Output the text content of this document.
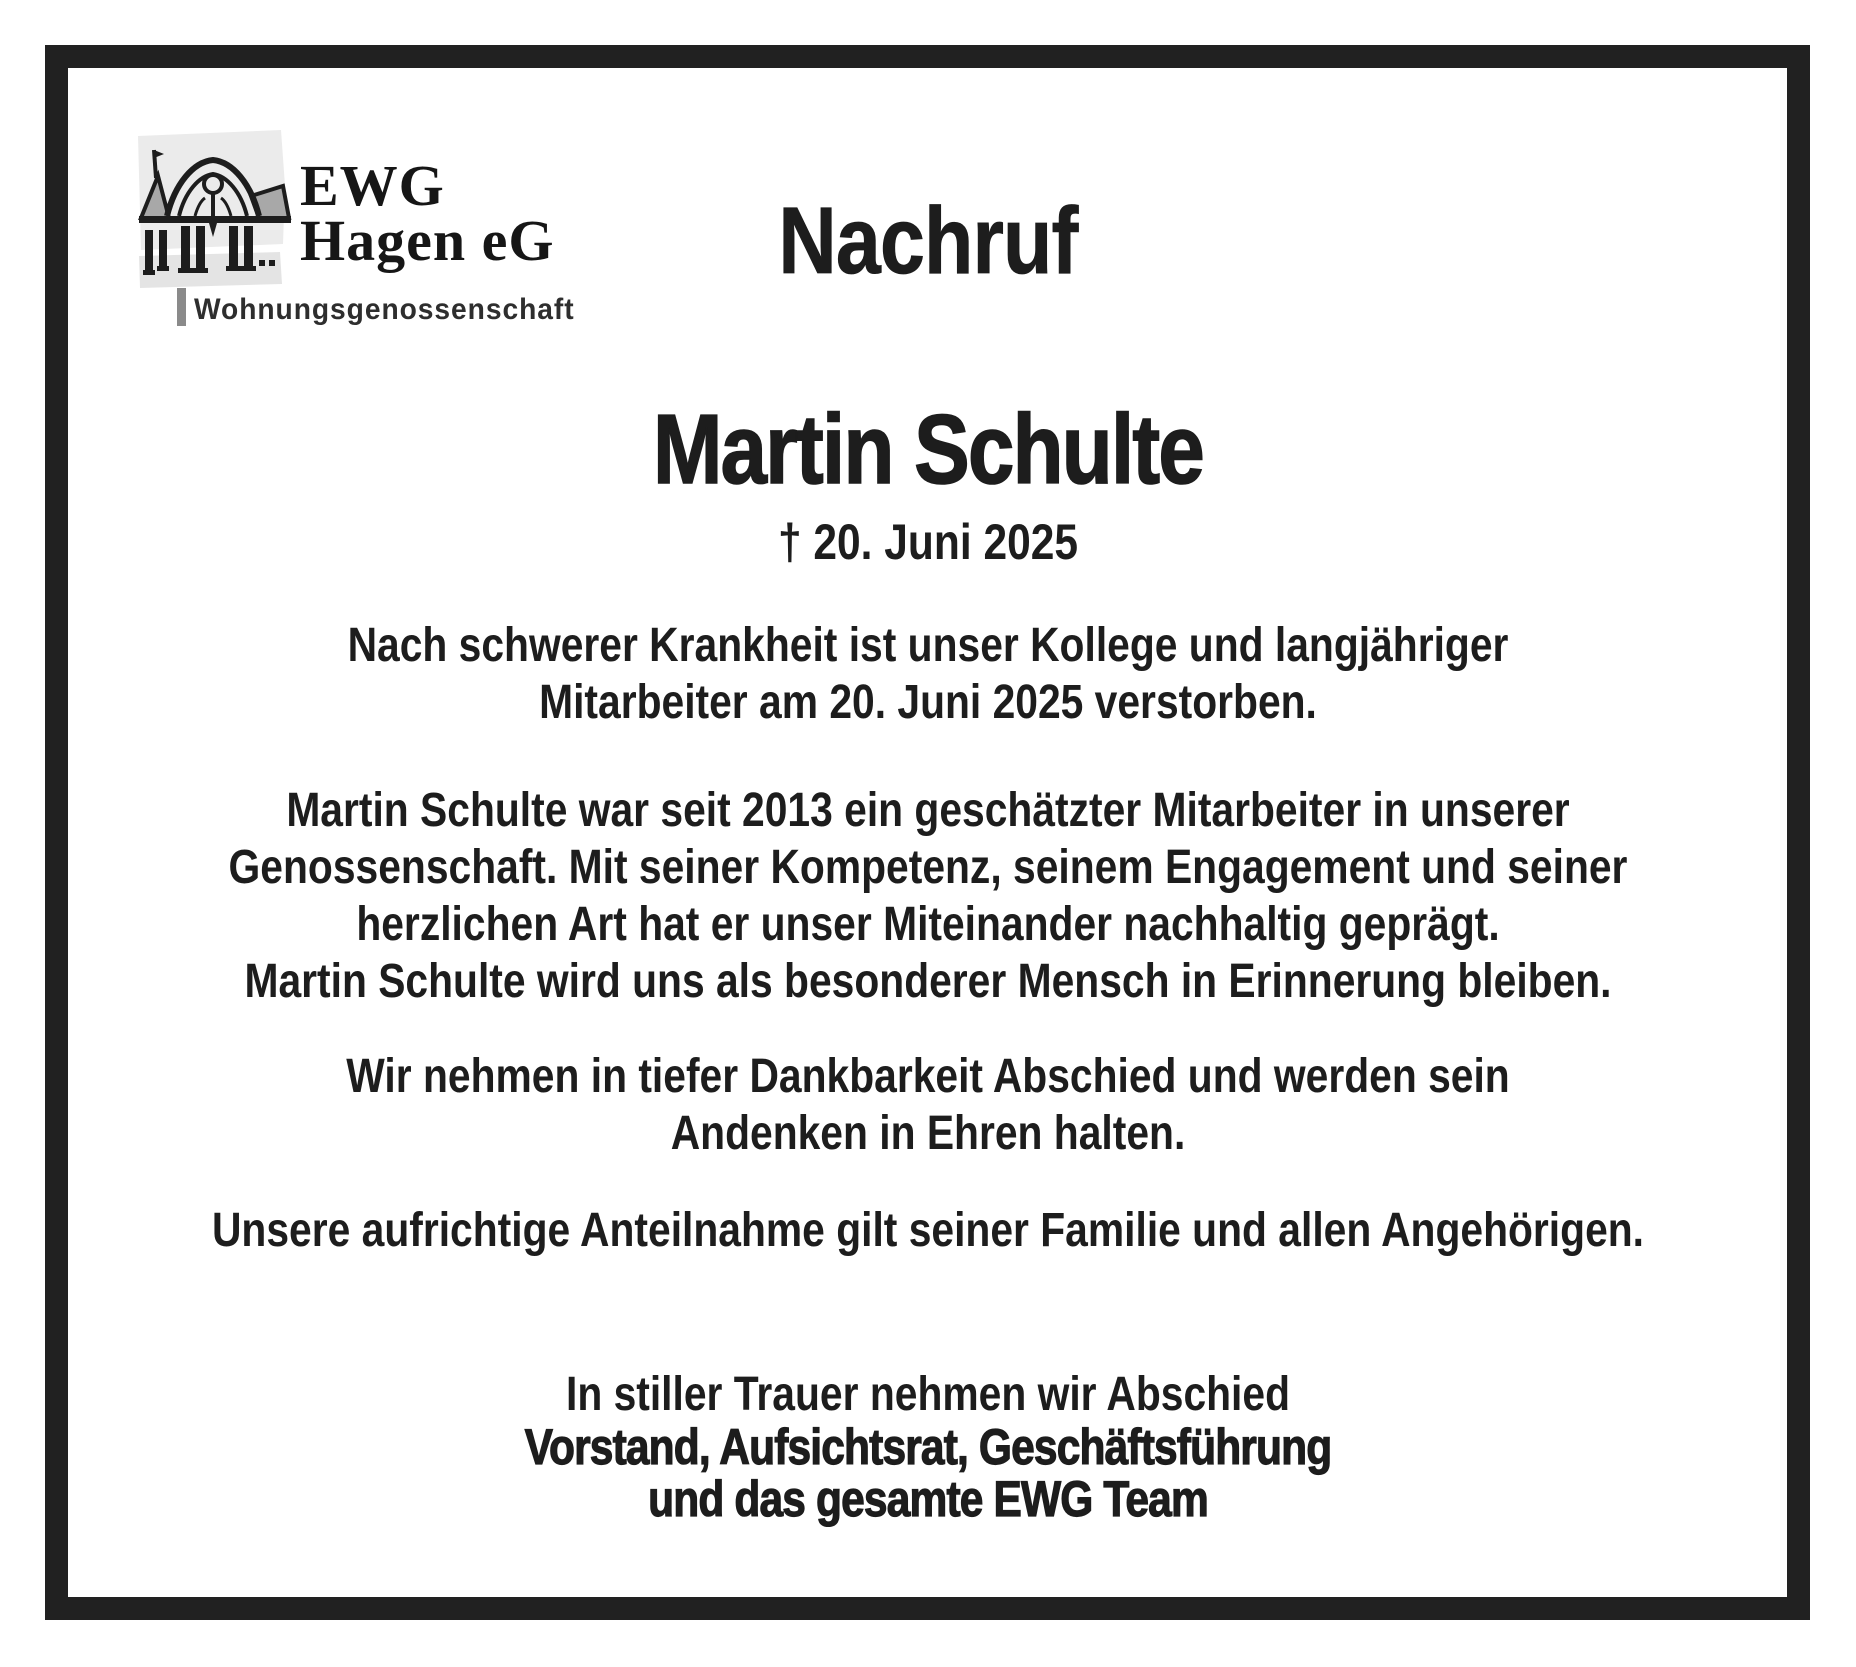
EWG
Hagen eG
Wohnungsgenossenschaft
Nachruf
Martin Schulte
† 20. Juni 2025
Nach schwerer Krankheit ist unser Kollege und langjähriger
Mitarbeiter am 20. Juni 2025 verstorben.
Martin Schulte war seit 2013 ein geschätzter Mitarbeiter in unserer
Genossenschaft. Mit seiner Kompetenz, seinem Engagement und seiner
herzlichen Art hat er unser Miteinander nachhaltig geprägt.
Martin Schulte wird uns als besonderer Mensch in Erinnerung bleiben.
Wir nehmen in tiefer Dankbarkeit Abschied und werden sein
Andenken in Ehren halten.
Unsere aufrichtige Anteilnahme gilt seiner Familie und allen Angehörigen.
In stiller Trauer nehmen wir Abschied
Vorstand, Aufsichtsrat, Geschäftsführung
und das gesamte EWG Team
